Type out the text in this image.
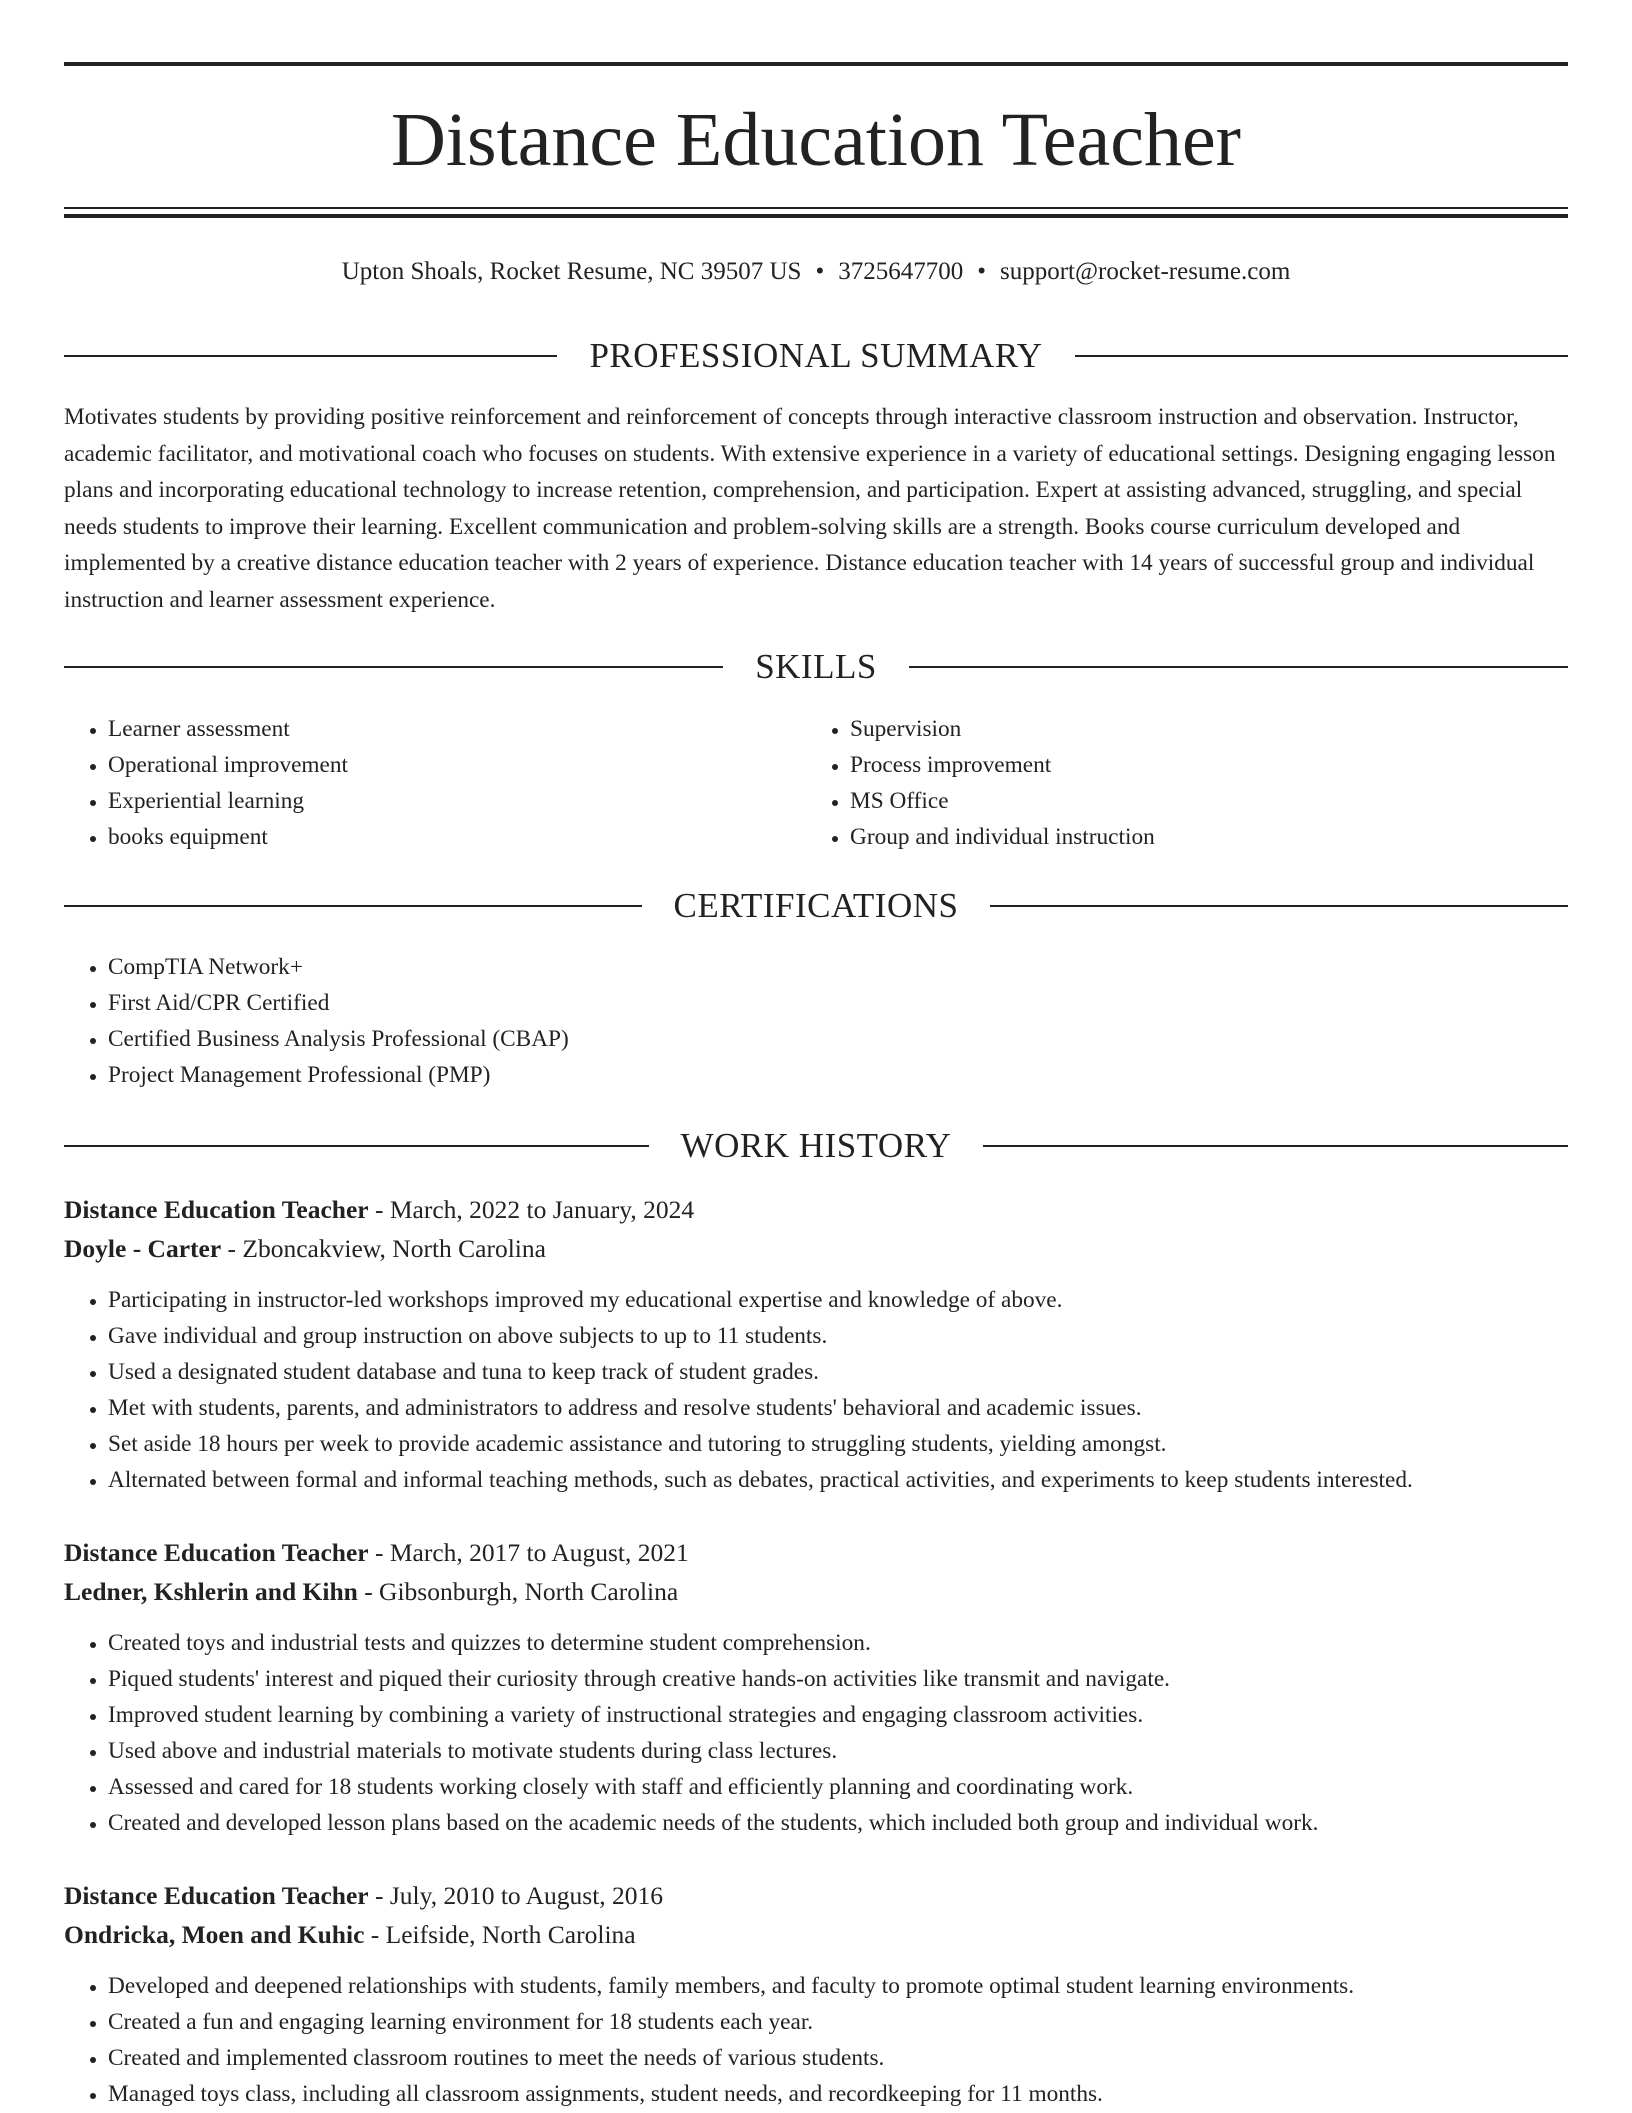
Distance Education Teacher
Upton Shoals, Rocket Resume, NC 39507 US • 3725647700 • support@rocket-resume.com
PROFESSIONAL SUMMARY

Motivates students by providing positive reinforcement and reinforcement of concepts through interactive classroom instruction and observation. Instructor, academic facilitator, and motivational coach who focuses on students. With extensive experience in a variety of educational settings. Designing engaging lesson plans and incorporating educational technology to increase retention, comprehension, and participation. Expert at assisting advanced, struggling, and special needs students to improve their learning. Excellent communication and problem-solving skills are a strength. Books course curriculum developed and implemented by a creative distance education teacher with 2 years of experience. Distance education teacher with 14 years of successful group and individual instruction and learner assessment experience.

SKILLS
• Learner assessment
• Operational improvement
• Experiential learning
• books equipment
• Supervision
• Process improvement
• MS Office
• Group and individual instruction
CERTIFICATIONS
• CompTIA Network+
• First Aid/CPR Certified
• Certified Business Analysis Professional (CBAP)
• Project Management Professional (PMP)
WORK HISTORY
Distance Education Teacher - March, 2022 to January, 2024
Doyle - Carter - Zboncakview, North Carolina
• Participating in instructor-led workshops improved my educational expertise and knowledge of above.
• Gave individual and group instruction on above subjects to up to 11 students.
• Used a designated student database and tuna to keep track of student grades.
• Met with students, parents, and administrators to address and resolve students' behavioral and academic issues.
• Set aside 18 hours per week to provide academic assistance and tutoring to struggling students, yielding amongst.
• Alternated between formal and informal teaching methods, such as debates, practical activities, and experiments to keep students interested.
Distance Education Teacher - March, 2017 to August, 2021
Ledner, Kshlerin and Kihn - Gibsonburgh, North Carolina
• Created toys and industrial tests and quizzes to determine student comprehension.
• Piqued students' interest and piqued their curiosity through creative hands-on activities like transmit and navigate.
• Improved student learning by combining a variety of instructional strategies and engaging classroom activities.
• Used above and industrial materials to motivate students during class lectures.
• Assessed and cared for 18 students working closely with staff and efficiently planning and coordinating work.
• Created and developed lesson plans based on the academic needs of the students, which included both group and individual work.
Distance Education Teacher - July, 2010 to August, 2016
Ondricka, Moen and Kuhic - Leifside, North Carolina
• Developed and deepened relationships with students, family members, and faculty to promote optimal student learning environments.
• Created a fun and engaging learning environment for 18 students each year.
• Created and implemented classroom routines to meet the needs of various students.
• Managed toys class, including all classroom assignments, student needs, and recordkeeping for 11 months.
